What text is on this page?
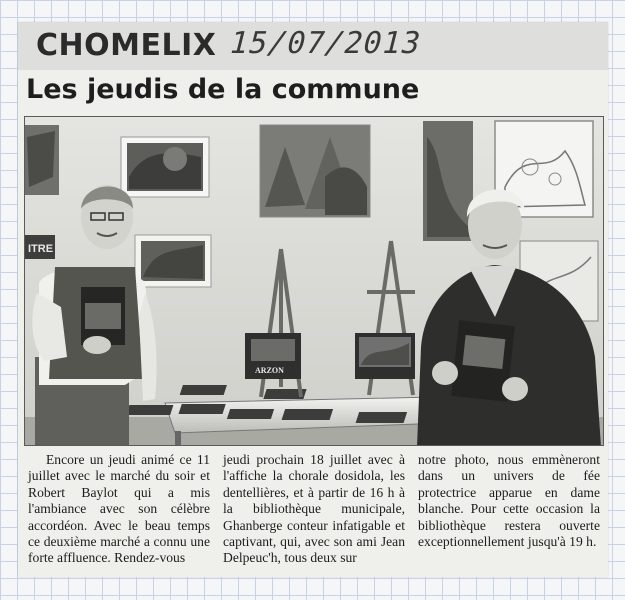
CHOMELIX 15/07/2013
Les jeudis de la commune
ITRE
ARZON

Encore un jeudi animé ce 11 juillet avec le marché du soir et Robert Baylot qui a mis l'ambiance avec son célèbre accordéon. Avec le beau temps ce deuxième marché a connu une forte affluence. Rendez-vous

jeudi prochain 18 juillet avec à l'affiche la chorale dosidola, les dentellières, et à partir de 16 h à la bibliothèque municipale, Ghanberge conteur infatigable et captivant, qui, avec son ami Jean Delpeuc'h, tous deux sur

notre photo, nous emmèneront dans un univers de fée protectrice apparue en dame blanche. Pour cette occasion la bibliothèque restera ouverte exceptionnellement jusqu'à 19 h.
